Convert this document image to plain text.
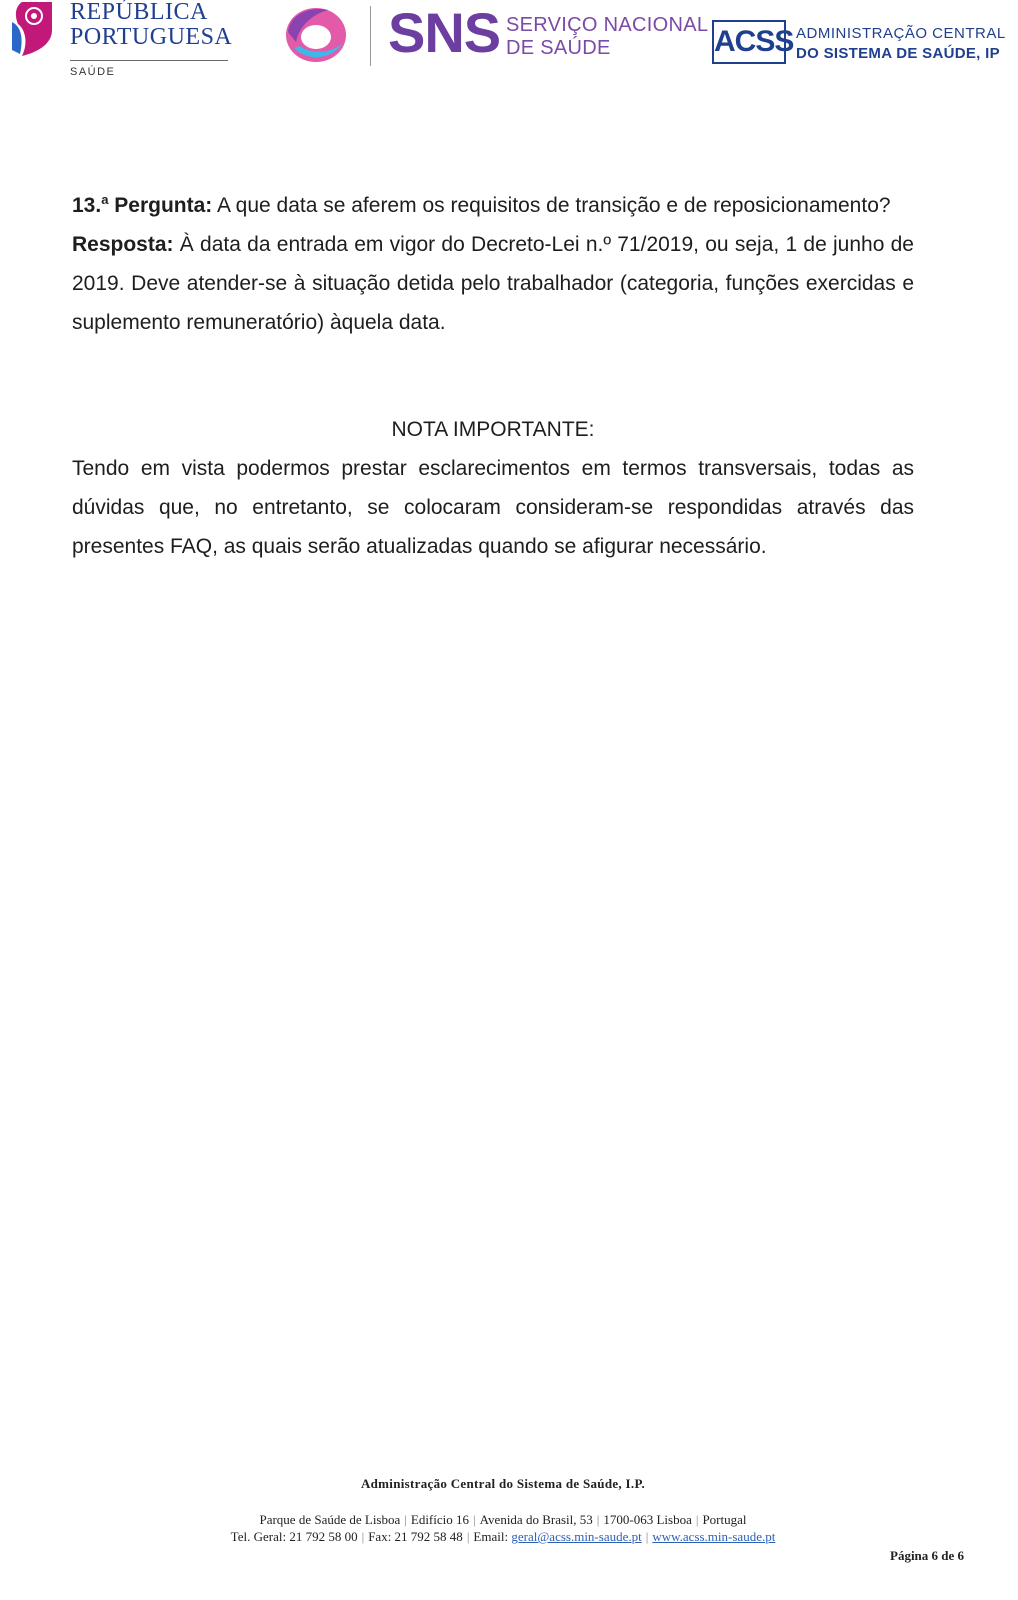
REPÚBLICA
PORTUGUESA
SAÚDE
SNS SERVIÇO NACIONAL
DE SAÚDE	ACSS ADMINISTRAÇÃO CENTRAL
DO SISTEMA DE SAÚDE, IP

13.$^a$ Pergunta: A que data se aferem os requisitos de transição e de reposicionamento?

Resposta: À data da entrada em vigor do Decreto-Lei n.º 71/2019, ou seja, 1 de junho de 2019. Deve atender-se à situação detida pelo trabalhador (categoria, funções exercidas e suplemento remuneratório) àquela data.

NOTA IMPORTANTE:

Tendo em vista podermos prestar esclarecimentos em termos transversais, todas as dúvidas que, no entretanto, se colocaram consideram-se respondidas através das presentes FAQ, as quais serão atualizadas quando se afigurar necessário.

Administração Central do Sistema de Saúde, I.P.
Parque de Saúde de Lisboa | Edifício 16 | Avenida do Brasil, 53 | 1700-063 Lisboa | Portugal
Tel. Geral: 21 792 58 00 | Fax: 21 792 58 48 | Email: geral@acss.min-saude.pt | www.acss.min-saude.pt
Página 6 de 6
